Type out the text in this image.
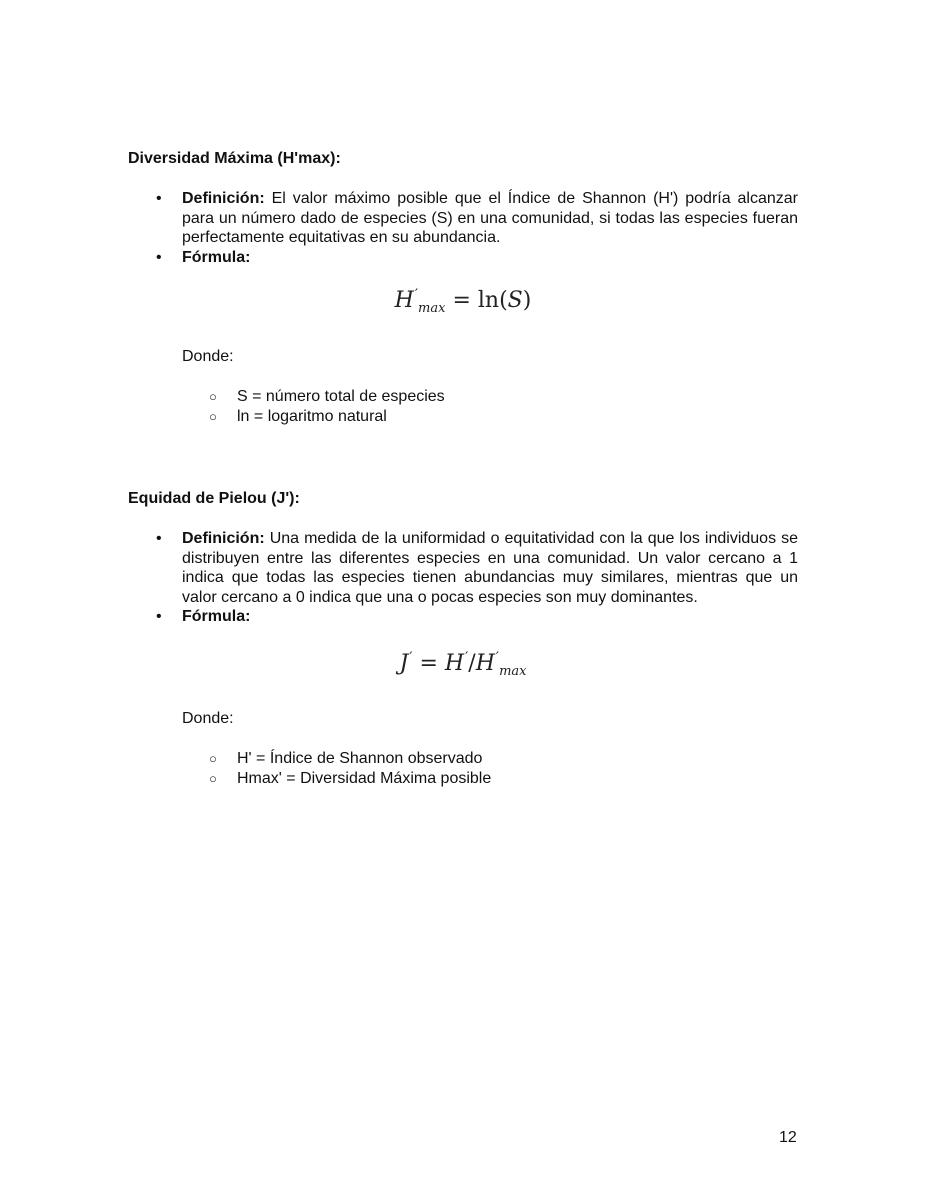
Diversidad Máxima (H'max):
• Definición: El valor máximo posible que el Índice de Shannon (H') podría alcanzar para un número dado de especies (S) en una comunidad, si todas las especies fueran perfectamente equitativas en su abundancia.
• Fórmula:
$H'_{max} = \ln(S)$
Donde:
○ S = número total de especies
○ ln = logaritmo natural
Equidad de Pielou (J'):
• Definición: Una medida de la uniformidad o equitatividad con la que los individuos se distribuyen entre las diferentes especies en una comunidad. Un valor cercano a 1 indica que todas las especies tienen abundancias muy similares, mientras que un valor cercano a 0 indica que una o pocas especies son muy dominantes.
• Fórmula:
$J' = H'/H'_{max}$
Donde:
○ H' = Índice de Shannon observado
○ Hmax' = Diversidad Máxima posible
12
